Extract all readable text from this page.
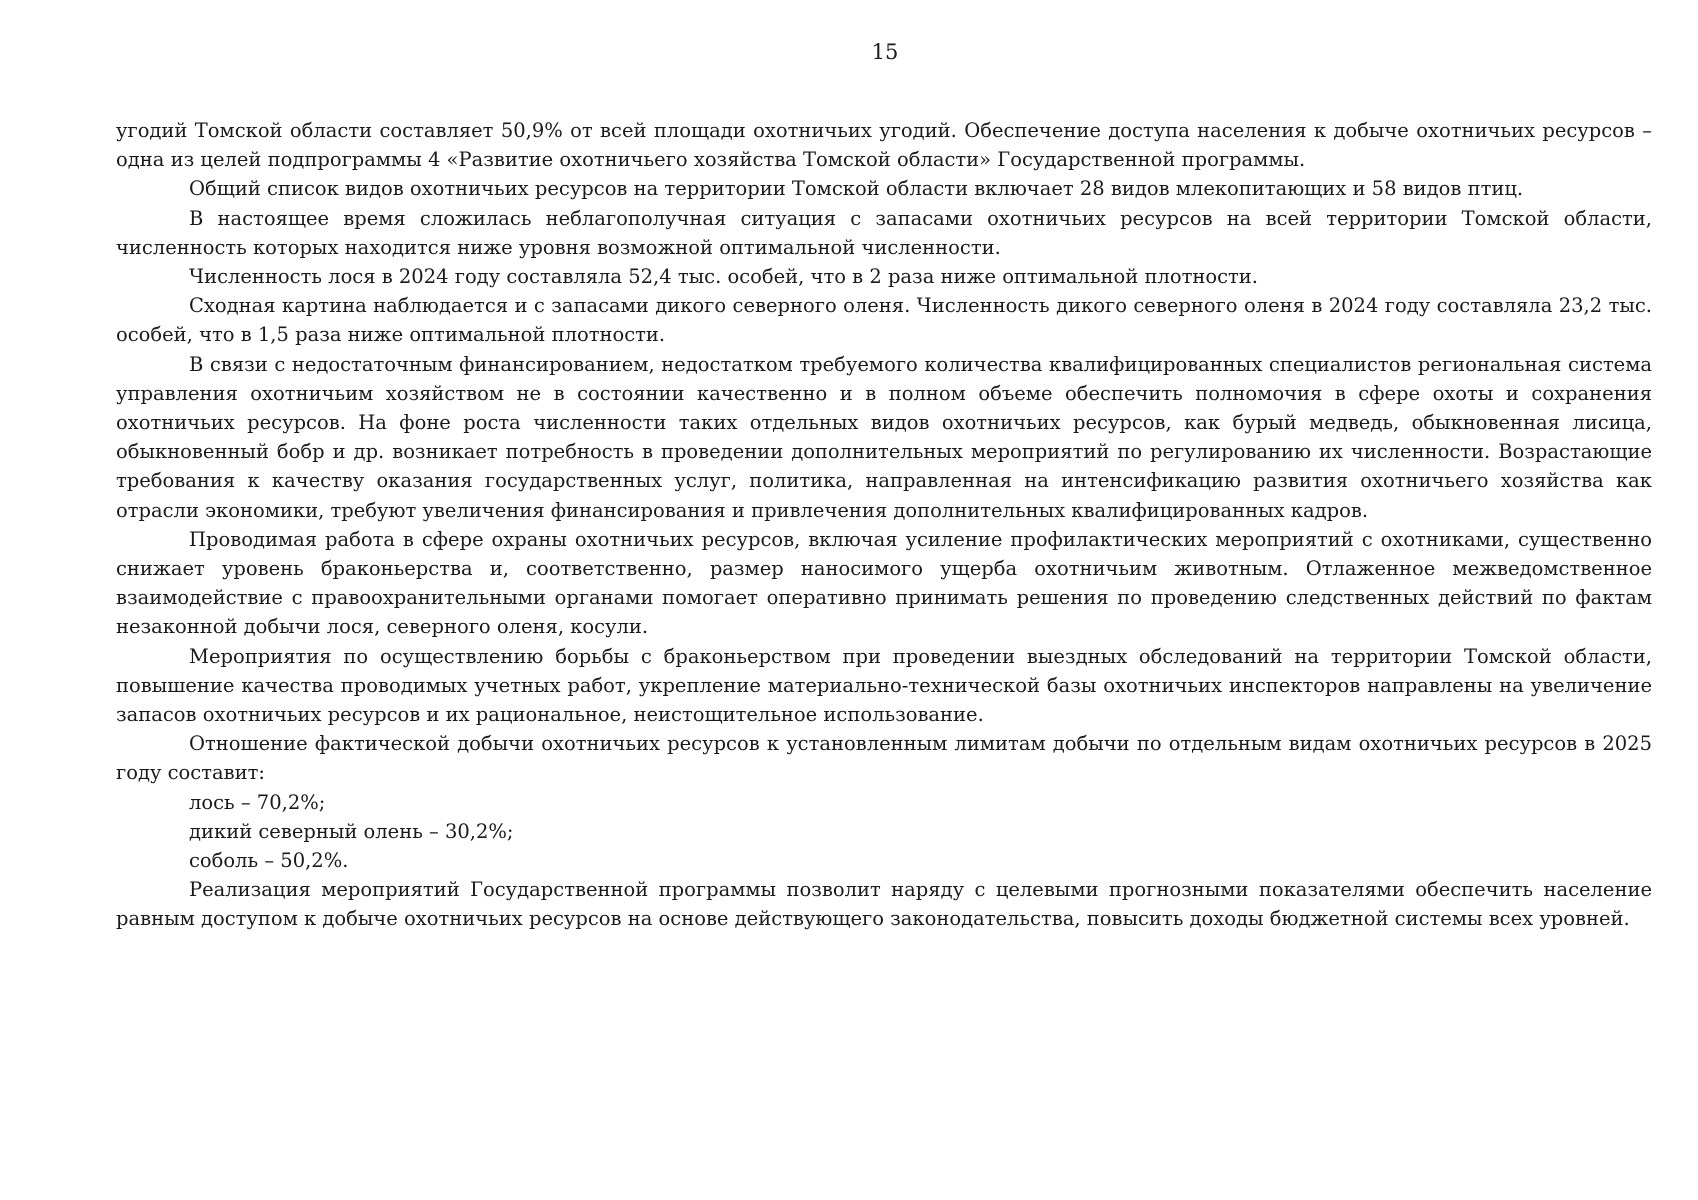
15

угодий Томской области составляет 50,9% от всей площади охотничьих угодий. Обеспечение доступа населения к добыче охотничьих ресурсов – одна из целей подпрограммы 4 «Развитие охотничьего хозяйства Томской области» Государственной программы.

Общий список видов охотничьих ресурсов на территории Томской области включает 28 видов млекопитающих и 58 видов птиц.

В настоящее время сложилась неблагополучная ситуация с запасами охотничьих ресурсов на всей территории Томской области, численность которых находится ниже уровня возможной оптимальной численности.

Численность лося в 2024 году составляла 52,4 тыс. особей, что в 2 раза ниже оптимальной плотности.

Сходная картина наблюдается и с запасами дикого северного оленя. Численность дикого северного оленя в 2024 году составляла 23,2 тыс. особей, что в 1,5 раза ниже оптимальной плотности.

В связи с недостаточным финансированием, недостатком требуемого количества квалифицированных специалистов региональная система управления охотничьим хозяйством не в состоянии качественно и в полном объеме обеспечить полномочия в сфере охоты и сохранения охотничьих ресурсов. На фоне роста численности таких отдельных видов охотничьих ресурсов, как бурый медведь, обыкновенная лисица, обыкновенный бобр и др. возникает потребность в проведении дополнительных мероприятий по регулированию их численности. Возрастающие требования к качеству оказания государственных услуг, политика, направленная на интенсификацию развития охотничьего хозяйства как отрасли экономики, требуют увеличения финансирования и привлечения дополнительных квалифицированных кадров.

Проводимая работа в сфере охраны охотничьих ресурсов, включая усиление профилактических мероприятий с охотниками, существенно снижает уровень браконьерства и, соответственно, размер наносимого ущерба охотничьим животным. Отлаженное межведомственное взаимодействие с правоохранительными органами помогает оперативно принимать решения по проведению следственных действий по фактам незаконной добычи лося, северного оленя, косули.

Мероприятия по осуществлению борьбы с браконьерством при проведении выездных обследований на территории Томской области, повышение качества проводимых учетных работ, укрепление материально-технической базы охотничьих инспекторов направлены на увеличение запасов охотничьих ресурсов и их рациональное, неистощительное использование.

Отношение фактической добычи охотничьих ресурсов к установленным лимитам добычи по отдельным видам охотничьих ресурсов в 2025 году составит:

лось – 70,2%;

дикий северный олень – 30,2%;

соболь – 50,2%.

Реализация мероприятий Государственной программы позволит наряду с целевыми прогнозными показателями обеспечить население равным доступом к добыче охотничьих ресурсов на основе действующего законодательства, повысить доходы бюджетной системы всех уровней.
